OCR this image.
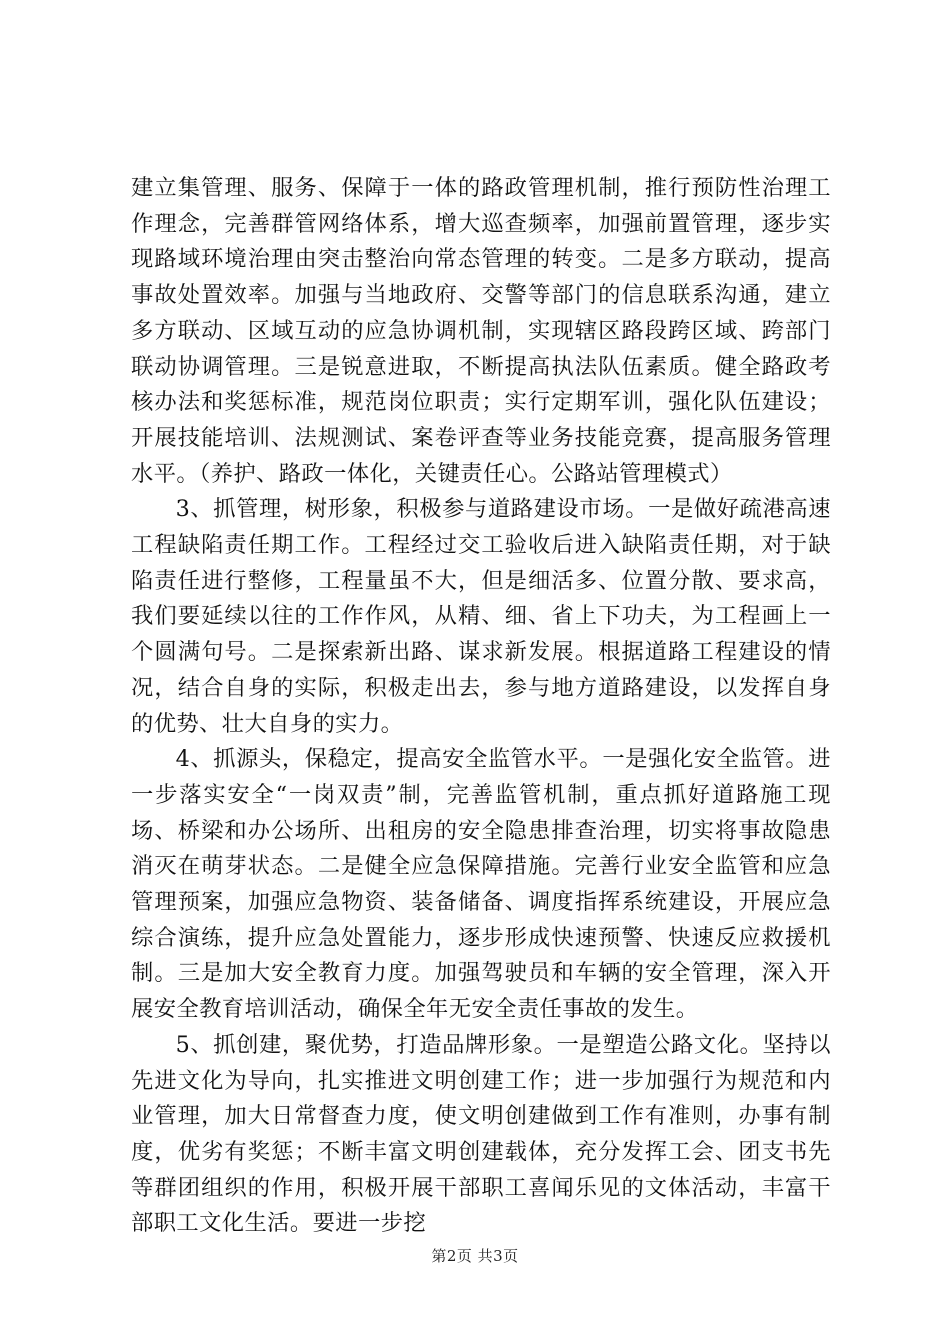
建立集管理、服务、保障于一体的路政管理机制，推行预防性治理工作理念，完善群管网络体系，增大巡查频率，加强前置管理，逐步实现路域环境治理由突击整治向常态管理的转变。二是多方联动，提高事故处置效率。加强与当地政府、交警等部门的信息联系沟通，建立多方联动、区域互动的应急协调机制，实现辖区路段跨区域、跨部门联动协调管理。三是锐意进取，不断提高执法队伍素质。健全路政考核办法和奖惩标准，规范岗位职责；实行定期军训，强化队伍建设；开展技能培训、法规测试、案卷评查等业务技能竞赛，提高服务管理水平。（养护、路政一体化，关键责任心。公路站管理模式）

3、抓管理，树形象，积极参与道路建设市场。一是做好疏港高速工程缺陷责任期工作。工程经过交工验收后进入缺陷责任期，对于缺陷责任进行整修，工程量虽不大，但是细活多、位置分散、要求高，我们要延续以往的工作作风，从精、细、省上下功夫，为工程画上一个圆满句号。二是探索新出路、谋求新发展。根据道路工程建设的情况，结合自身的实际，积极走出去，参与地方道路建设，以发挥自身的优势、壮大自身的实力。

4、抓源头，保稳定，提高安全监管水平。一是强化安全监管。进一步落实安全“一岗双责”制，完善监管机制，重点抓好道路施工现场、桥梁和办公场所、出租房的安全隐患排查治理，切实将事故隐患消灭在萌芽状态。二是健全应急保障措施。完善行业安全监管和应急管理预案，加强应急物资、装备储备、调度指挥系统建设，开展应急综合演练，提升应急处置能力，逐步形成快速预警、快速反应救援机制。三是加大安全教育力度。加强驾驶员和车辆的安全管理，深入开展安全教育培训活动，确保全年无安全责任事故的发生。

5、抓创建，聚优势，打造品牌形象。一是塑造公路文化。坚持以先进文化为导向，扎实推进文明创建工作；进一步加强行为规范和内业管理，加大日常督查力度，使文明创建做到工作有准则，办事有制度，优劣有奖惩；不断丰富文明创建载体，充分发挥工会、团支书先等群团组织的作用，积极开展干部职工喜闻乐见的文体活动，丰富干部职工文化生活。要进一步挖

第2页 共3页
